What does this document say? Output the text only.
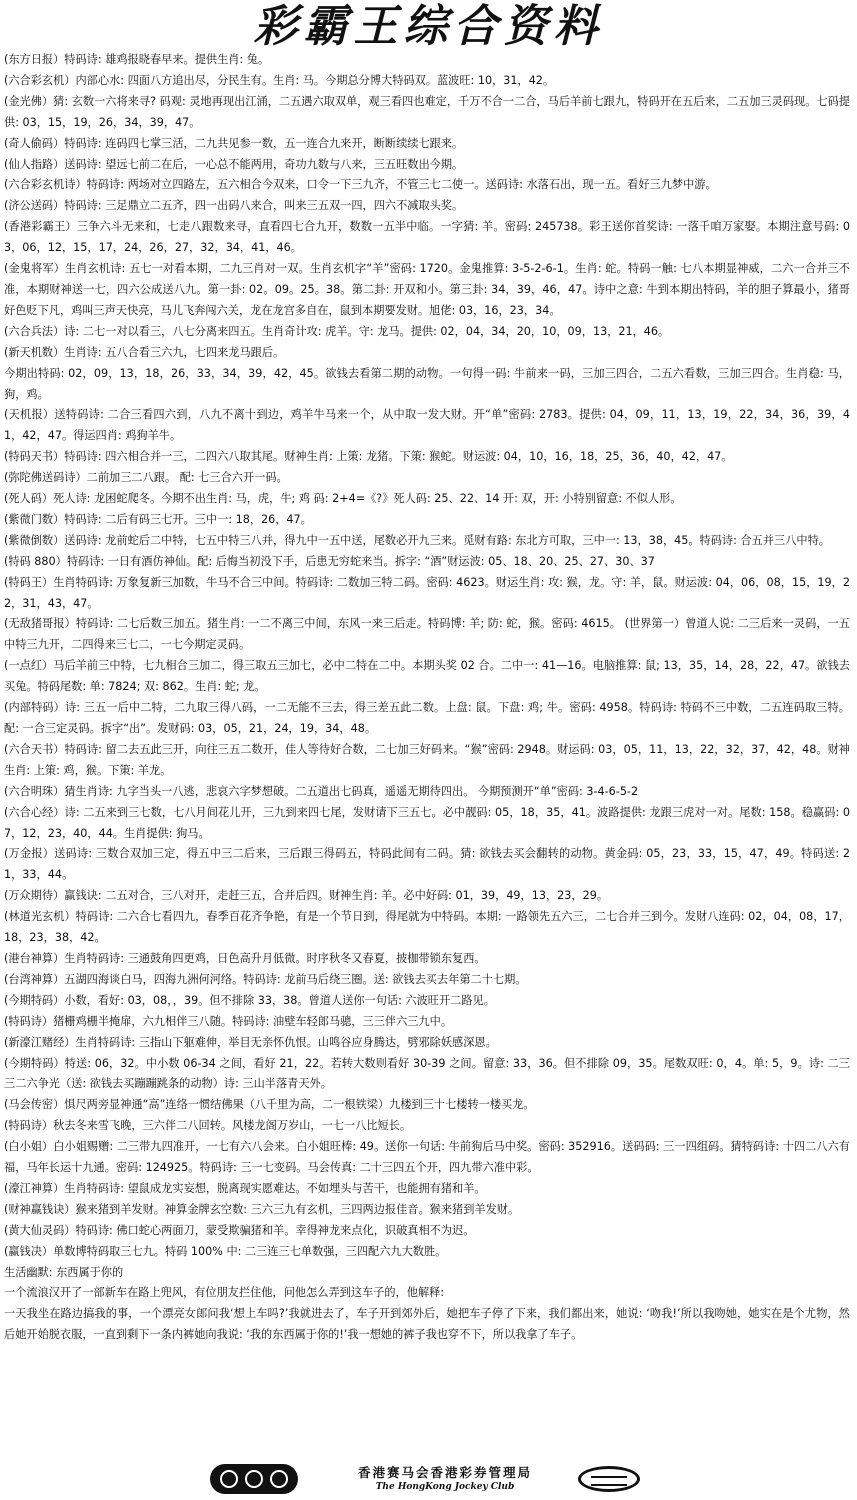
彩霸王综合资料

(东方日报）特码诗: 雄鸡报晓春早来。提供生肖: 兔。

(六合彩玄机）内部心水: 四面八方追出尽，分民生有。生肖: 马。今期总分博大特码双。蓝波旺: 10，31，42。

(金光佛）猜: 玄数一六将来寻? 码观: 灵地再现出江涌，二五遇六取双单，观三看四也难定，千万不合一二合，马后羊前七跟九，特码开在五后来，二五加三灵码现。七码提供: 03，15，19，26，34，39，47。

(奇人偷码）特码诗: 连码四七掌三活，二九共见参一数，五一连合九来开，断断续续七跟来。

(仙人指路）送码诗: 望远七前二在后，一心总不能两用，奇功九数与八来，三五旺数出今期。

(六合彩玄机诗）特码诗: 两场对立四路左，五六相合今双来，口令一下三九齐，不管三七二使一。送码诗: 水落石出，现一五。看好三九梦中游。

(济公送码）特码诗: 三足鼎立二五齐，四一出码八来合，叫来三五双一四，四六不减取头奖。

(香港彩霸王）三争六斗无来和，七走八跟数来寻，直看四七合九开，数数一五半中临。一字猜: 羊。密码: 245738。彩王送你首奖诗: 一落千咱万家娶。本期注意号码: 03，06，12，15，17，24，26，27，32，34，41，46。

(金鬼将军）生肖玄机诗: 五七一对看本期，二九三肖对一双。生肖玄机字“羊”密码: 1720。金鬼推算: 3-5-2-6-1。生肖: 蛇。特码一触: 七八本期显神威，二六一合并三不准，本期财神送一七，四六公成送八九。第一卦: 02。09。25。38。第二卦: 开双和小。第三卦: 34，39，46，47。诗中之意: 牛到本期出特码，羊的胆子算最小，猪哥好色贬下凡，鸡叫三声天快亮，马儿飞奔闯六关，龙在龙宫多自在，鼠到本期要发财。旭佬: 03，16，23，34。

(六合兵法）诗: 二七一对以看三，八七分离来四五。生肖奇计攻: 虎羊。守: 龙马。提供: 02，04，34，20，10，09，13，21，46。

(新天机数）生肖诗: 五八合看三六九，七四来龙马跟后。

今期出特码: 02，09，13，18，26，33，34，39，42，45。欲钱去看第二期的动物。一句得一码: 牛前来一码，三加三四合，二五六看数，三加三四合。生肖稳: 马，狗，鸡。

(天机报）送特码诗: 二合三看四六到，八九不离十到边，鸡羊牛马来一个，从中取一发大财。开“单”密码: 2783。提供: 04，09，11，13，19，22，34，36，39，41，42，47。得运四肖: 鸡狗羊牛。

(特码天书）特码诗: 四六相合并一三，二四六八取其尾。财神生肖: 上策: 龙猪。下策: 猴蛇。财运波: 04，10，16，18，25，36，40，42，47。

(弥陀佛送码诗）二前加三二八跟。 配: 七三合六开一码。

(死人码）死人诗: 龙困蛇爬冬。今期不出生肖: 马，虎，牛; 鸡 码: 2+4=《?》死人码: 25、22、14 开: 双，开: 小特别留意: 不似人形。

(紫微门数）特码诗: 二后有码三七开。三中一: 18，26，47。

(紫微倒数）送码诗: 龙前蛇后二中特，七五中特三八并，得九中一五中送，尾数必开九三来。觅财有路: 东北方可取，三中一: 13，38，45。特码诗: 合五并三八中特。

(特码 880）特码诗: 一日有酒仿神仙。配: 后悔当初没下手，后患无穷蛇来当。拆字: “酒”财运波: 05、18、20、25、27、30、37

(特码王）生肖特码诗: 万象复新三加数，牛马不合三中间。特码诗: 二数加三特二码。密码: 4623。财运生肖: 攻: 猴，龙。守: 羊，鼠。财运波: 04，06，08，15，19，22，31，43，47。

(无敌猪哥报）特码诗: 二七后数三加五。猪生肖: 一二不离三中间，东风一来三后走。特码博: 羊; 防: 蛇，猴。密码: 4615。 (世界第一）曾道人说: 二三后来一灵码，一五中特三九开，二四得来三七二，一七今期定灵码。

(一点红）马后羊前三中特，七九相合三加二，得三取五三加七，必中二特在二中。本期头奖 02 合。二中一: 41—16。电脑推算: 鼠; 13，35，14，28，22，47。欲钱去买兔。特码尾数: 单: 7824; 双: 862。生肖: 蛇; 龙。

(内部特码）诗: 三五一后中二特，二九取三得八码，一二无能不三去，得三差五此二数。上盘: 鼠。下盘: 鸡; 牛。密码: 4958。特码诗: 特码不三中数，二五连码取三特。配: 一合三定灵码。拆字“出”。发财码: 03，05，21，24，19，34，48。

(六合天书）特码诗: 留二去五此三开，向往三五二数开，佳人等待好合数，二七加三好码来。“猴”密码: 2948。财运码: 03，05，11，13，22，32，37，42，48。财神生肖: 上策: 鸡，猴。下策: 羊龙。

(六合明珠）猜生肖诗: 九字当头一八逃，悲哀六字梦想破。二五道出七码真，遥遥无期待四出。 今期预测开“单”密码: 3-4-6-5-2

(六合心经）诗: 二五来到三七数，七八月间花儿开，三九到来四七尾，发财请下三五七。必中靓码: 05，18，35，41。波路提供: 龙跟三虎对一对。尾数: 158。稳赢码: 07，12，23，40，44。生肖提供: 狗马。

(万金报）送码诗: 三数合双加三定，得五中三二后来，三后跟三得码五，特码此间有二码。猜: 欲钱去买会翻转的动物。黄金码: 05，23，33，15，47，49。特码送: 21，33，44。

(万众期待）赢钱诀: 二五对合，三八对开，走赶三五，合并后四。财神生肖: 羊。必中好码: 01，39，49，13，23，29。

(林道光玄机）特码诗: 二六合七看四九，春季百花齐争艳，有是一个节日到，得尾就为中特码。本期: 一路领先五六三，二七合并三到今。发财八连码: 02，04，08，17，18，23，38，42。

(港台神算）生肖特码诗: 三通鼓角四更鸡，日色高升月低微。时序秋冬又春夏，披枷带锁东复西。

(台湾神算）五湖四海谈白马，四海九洲何河络。特码诗: 龙前马后绕三圈。送: 欲钱去买去年第二十七期。

(今期特码）小数，看好: 03，08，，39。但不排除 33，38。曾道人送你一句话: 六波旺开二路见。

(特码诗）猪栅鸡栅半掩扉，六九相伴三八随。特码诗: 油壁车轻郎马骢，三三伴六三九中。

(新濠江赌经）生肖特码诗: 三指山下躯难伸，举目无亲怀仇恨。山鸣谷应身腾达，劈邪除妖感深恩。

(今期特码）特送: 06，32。中小数 06-34 之间，看好 21，22。若转大数则看好 30-39 之间。留意: 33，36。但不排除 09，35。尾数双旺: 0，4。单: 5，9。诗: 二三三二六争光（送: 欲钱去买蹦蹦跳条的动物）诗: 三山半落青天外。

(马会传密）惧尺两旁显神通“高”连络一惯结佛果（八千里为高，二一根铁梁）九楼到三十七楼转一楼买龙。

(特码诗）秋去冬来雪飞晚，三六伴二八回转。风楼龙阁万岁山，一七一八比短长。

(白小姐）白小姐赐赠: 二三带九四准开，一七有六八会来。白小姐旺棒: 49。送你一句话: 牛前狗后马中奖。密码: 352916。送码码: 三一四组码。猜特码诗: 十四二八六有福，马年长运十九通。密码: 124925。特码诗: 三一七变码。马会传真: 二十三四五个开，四九带六准中彩。

(濠江神算）生肖特码诗: 望鼠成龙实妄想，脱离现实愿难达。不如埋头与苦干，也能拥有猪和羊。

(财神赢钱诀）猴来猪到羊发财。神算金牌玄空数: 三六三九有玄机，三四两边报佳音。猴来猪到羊发财。

(黄大仙灵码）特码诗: 佛口蛇心两面刀，蒙受欺骗猪和羊。幸得神龙来点化，识破真相不为迟。

(赢钱决）单数博特码取三七九。特码 100% 中: 二三连三七单数强，三四配六九大数胜。

生活幽默: 东西属于你的

一个流浪汉开了一部新车在路上兜风，有位朋友拦住他，问他怎么弄到这车子的，他解释:

一天我坐在路边搞我的事，一个漂亮女郎问我‘想上车吗?’我就进去了，车子开到郊外后，她把车子停了下来，我们都出来，她说: ‘吻我!’所以我吻她，她实在是个尤物，然后她开始脱衣服，一直到剩下一条内裤她向我说: ‘我的东西属于你的!’我一想她的裤子我也穿不下，所以我拿了车子。

香港赛马会香港彩券管理局
The HongKong Jockey Club
